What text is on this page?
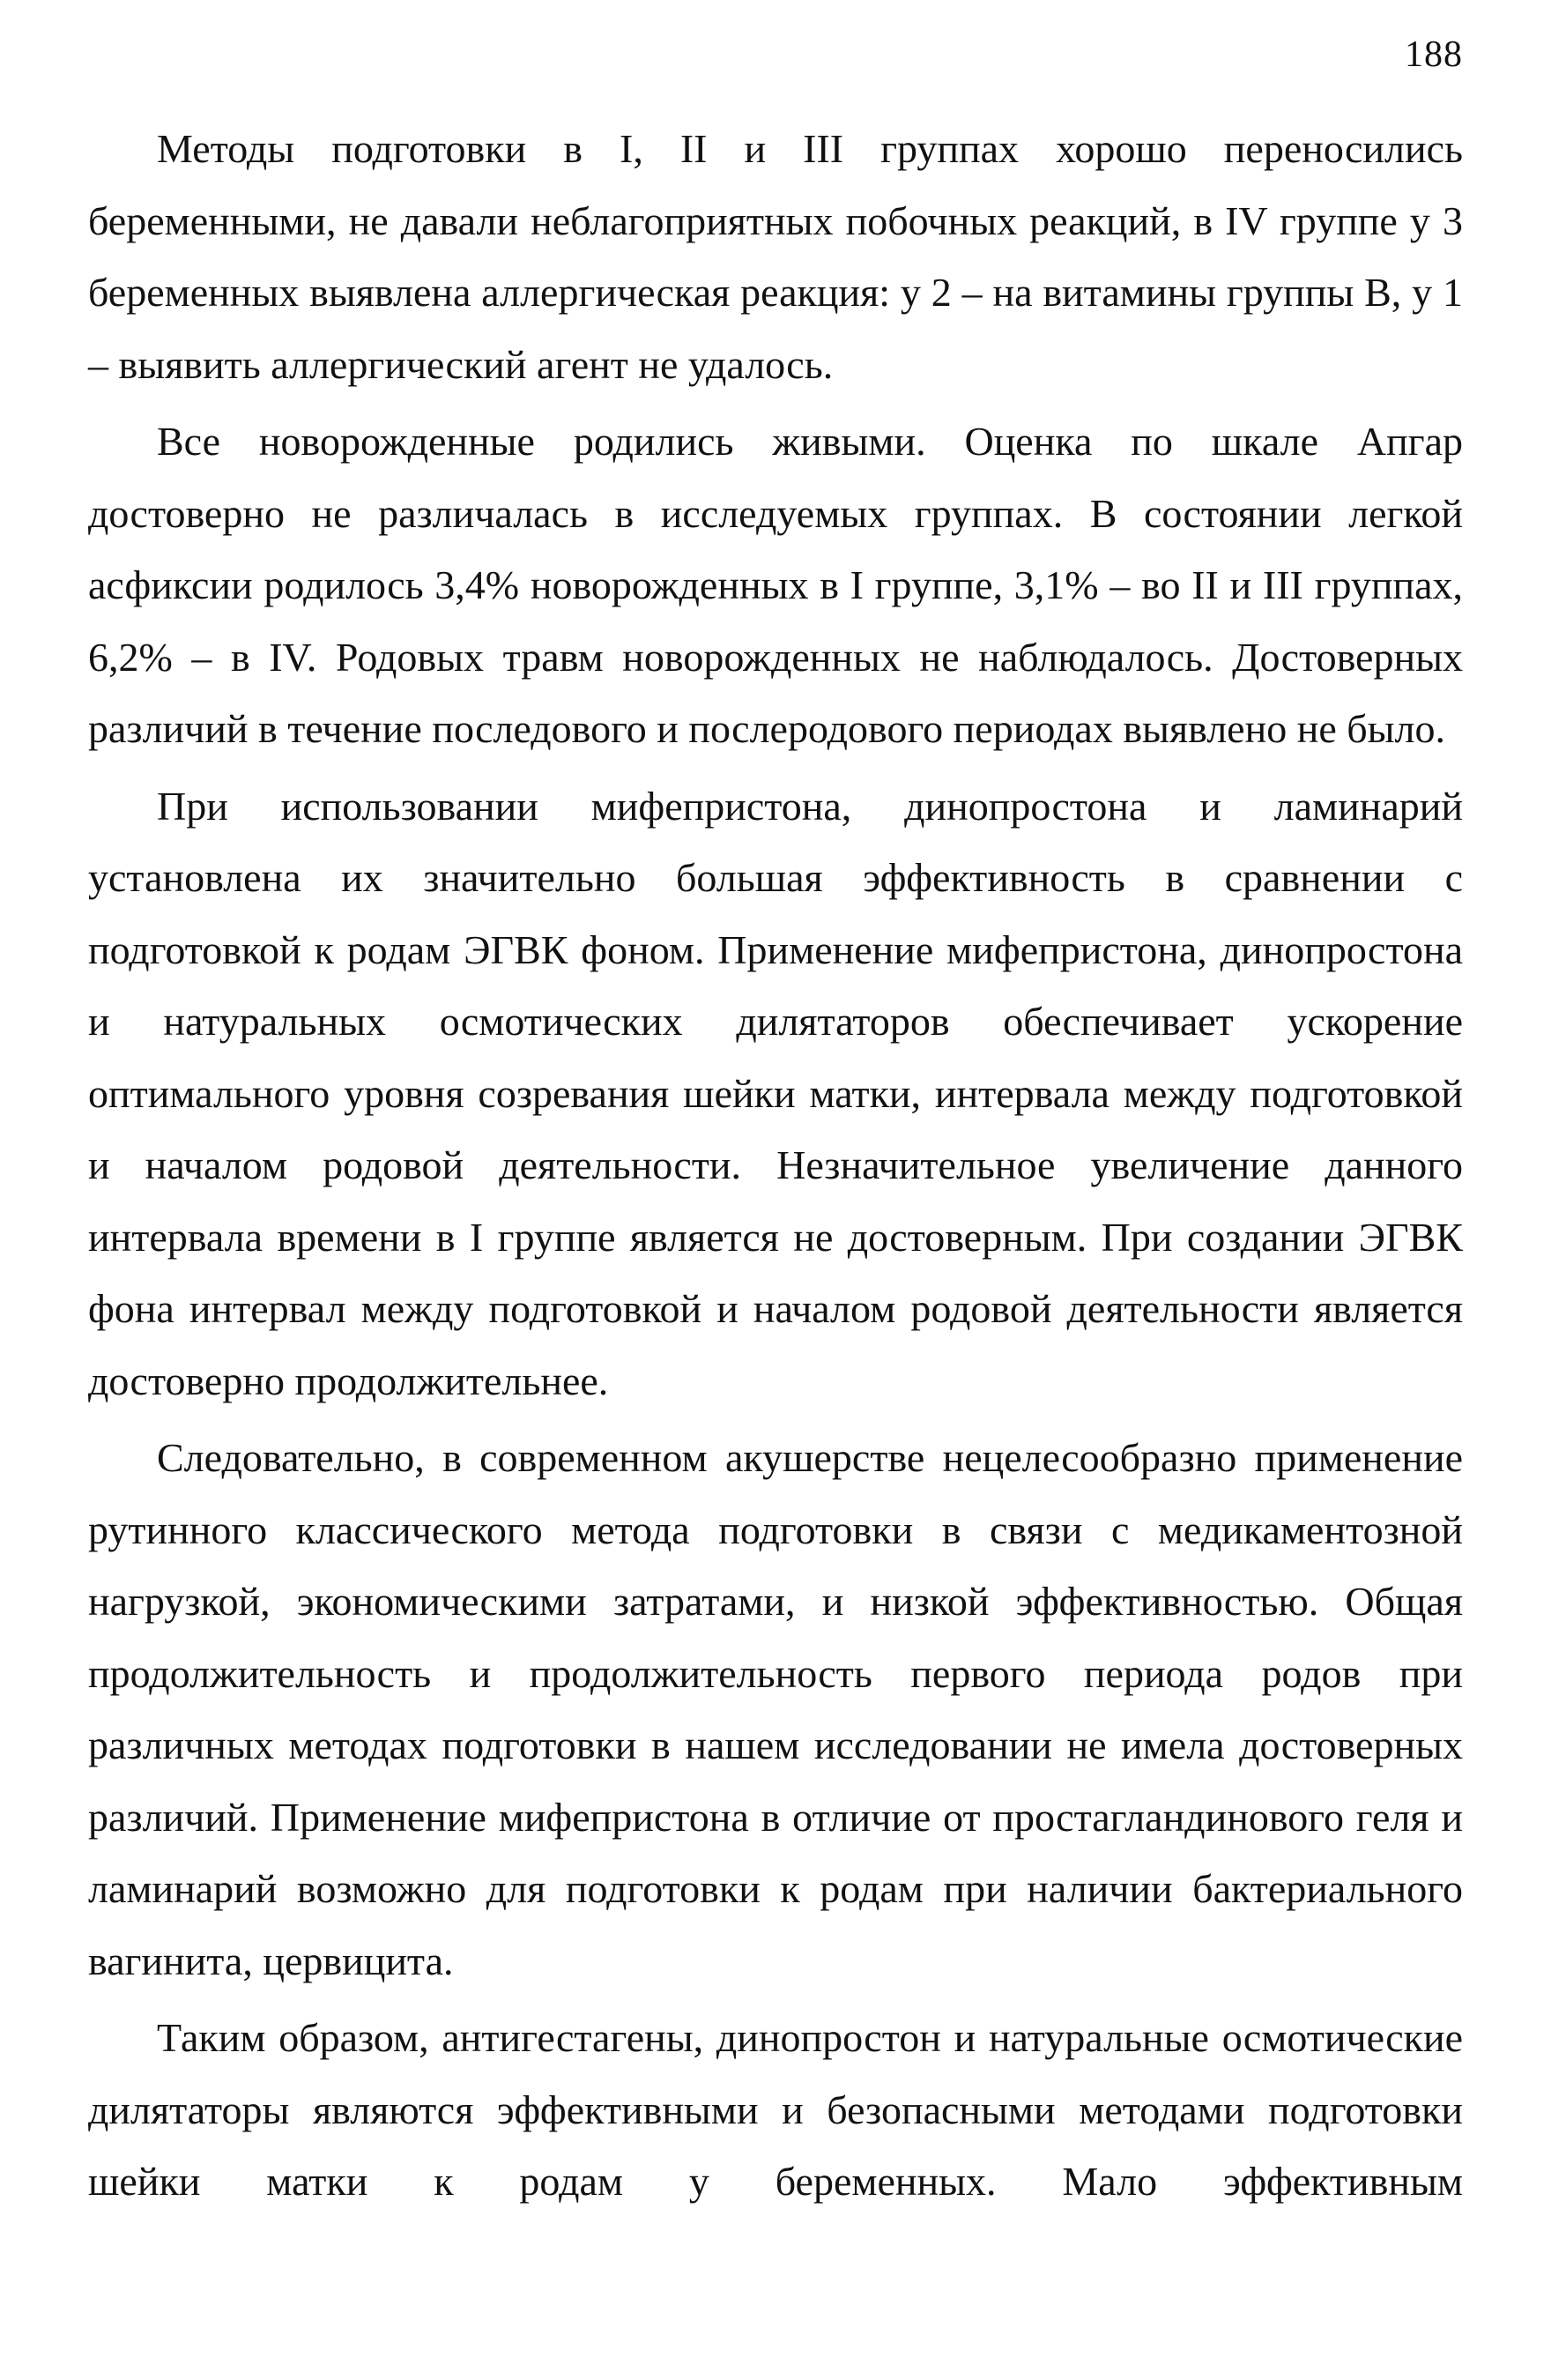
188

Методы подготовки в I, II и III группах хорошо переносились беременными, не давали неблагоприятных побочных реакций, в IV группе у 3 беременных выявлена аллергическая реакция: у 2 – на витамины группы В, у 1 – выявить аллергический агент не удалось.

Все новорожденные родились живыми. Оценка по шкале Апгар достоверно не различалась в исследуемых группах. В состоянии легкой асфиксии родилось 3,4% новорожденных в I группе, 3,1% – во II и III группах, 6,2% – в IV. Родовых травм новорожденных не наблюдалось. Достоверных различий в течение последового и послеродового периодах выявлено не было.

При использовании мифепристона, динопростона и ламинарий установлена их значительно большая эффективность в сравнении с подготовкой к родам ЭГВК фоном. Применение мифепристона, динопростона и натуральных осмотических дилятаторов обеспечивает ускорение оптимального уровня созревания шейки матки, интервала между подготовкой и началом родовой деятельности. Незначительное увеличение данного интервала времени в I группе является не достоверным. При создании ЭГВК фона интервал между подготовкой и началом родовой деятельности является достоверно продолжительнее.

Следовательно, в современном акушерстве нецелесообразно применение рутинного классического метода подготовки в связи с медикаментозной нагрузкой, экономическими затратами, и низкой эффективностью. Общая продолжительность и продолжительность первого периода родов при различных методах подготовки в нашем исследовании не имела достоверных различий. Применение мифепристона в отличие от простагландинового геля и ламинарий возможно для подготовки к родам при наличии бактериального вагинита, цервицита.

Таким образом, антигестагены, динопростон и натуральные осмотические дилятаторы являются эффективными и безопасными методами подготовки шейки матки к родам у беременных. Мало эффективным
